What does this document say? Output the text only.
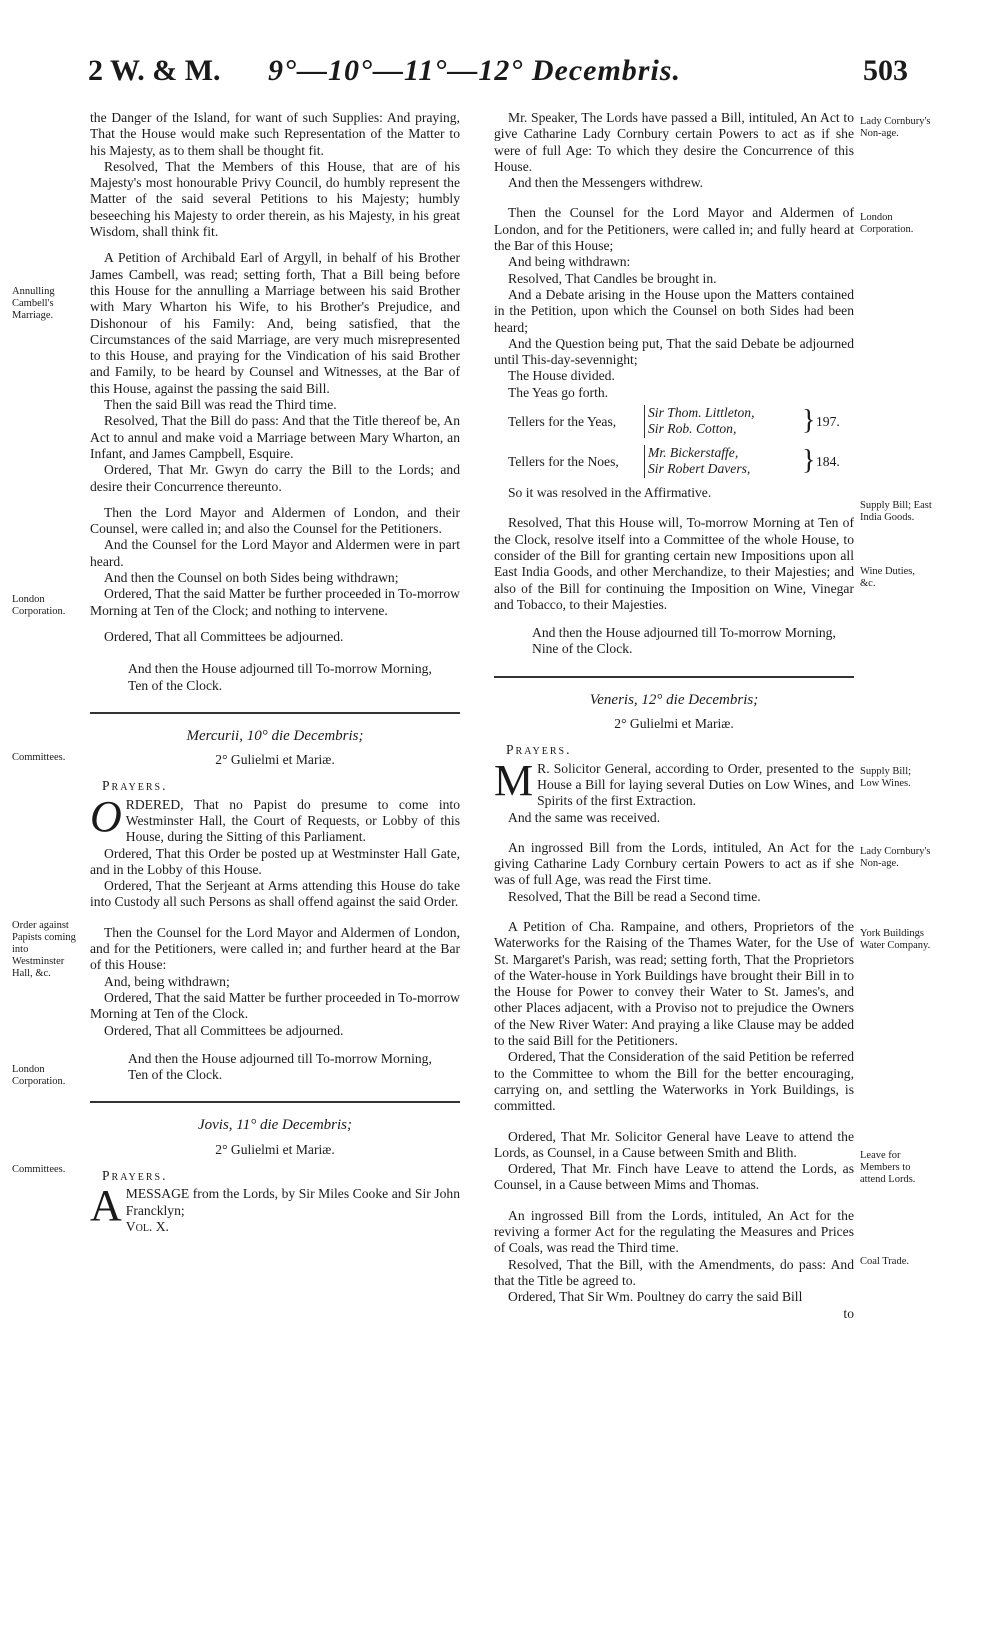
2 W. & M. 9°—10°—11°—12° Decembris.	503
Annulling Cambell's Marriage.
London Corporation.
Committees.
Order against Papists coming into Westminster Hall, &c.
London Corporation.
Committees.
Lady Cornbury's Non-age.
London Corporation.
Supply Bill; East India Goods.
Wine Duties, &c.
Supply Bill; Low Wines.
Lady Cornbury's Non-age.
York Buildings Water Company.
Leave for Members to attend Lords.
Coal Trade.

the Danger of the Island, for want of such Supplies: And praying, That the House would make such Representation of the Matter to his Majesty, as to them shall be thought fit.

Resolved, That the Members of this House, that are of his Majesty's most honourable Privy Council, do humbly represent the Matter of the said several Petitions to his Majesty; humbly beseeching his Majesty to order therein, as his Majesty, in his great Wisdom, shall think fit.

A Petition of Archibald Earl of Argyll, in behalf of his Brother James Cambell, was read; setting forth, That a Bill being before this House for the annulling a Marriage between his said Brother with Mary Wharton his Wife, to his Brother's Prejudice, and Dishonour of his Family: And, being satisfied, that the Circumstances of the said Marriage, are very much misrepresented to this House, and praying for the Vindication of his said Brother and Family, to be heard by Counsel and Witnesses, at the Bar of this House, against the passing the said Bill.

Then the said Bill was read the Third time.

Resolved, That the Bill do pass: And that the Title thereof be, An Act to annul and make void a Marriage between Mary Wharton, an Infant, and James Campbell, Esquire.

Ordered, That Mr. Gwyn do carry the Bill to the Lords; and desire their Concurrence thereunto.

Then the Lord Mayor and Aldermen of London, and their Counsel, were called in; and also the Counsel for the Petitioners.

And the Counsel for the Lord Mayor and Aldermen were in part heard.

And then the Counsel on both Sides being withdrawn;

Ordered, That the said Matter be further proceeded in To-morrow Morning at Ten of the Clock; and nothing to intervene.

Ordered, That all Committees be adjourned.

And then the House adjourned till To-morrow Morning, Ten of the Clock.

Mercurii, 10° die Decembris;
2° Gulielmi et Mariæ.
Prayers.

ORDERED, That no Papist do presume to come into Westminster Hall, the Court of Requests, or Lobby of this House, during the Sitting of this Parliament.

Ordered, That this Order be posted up at Westminster Hall Gate, and in the Lobby of this House.

Ordered, That the Serjeant at Arms attending this House do take into Custody all such Persons as shall offend against the said Order.

Then the Counsel for the Lord Mayor and Aldermen of London, and for the Petitioners, were called in; and further heard at the Bar of this House:

And, being withdrawn;

Ordered, That the said Matter be further proceeded in To-morrow Morning at Ten of the Clock.

Ordered, That all Committees be adjourned.

And then the House adjourned till To-morrow Morning, Ten of the Clock.

Jovis, 11° die Decembris;
2° Gulielmi et Mariæ.
Prayers.

AMESSAGE from the Lords, by Sir Miles Cooke and Sir John Francklyn;

Vol. X.

Mr. Speaker, The Lords have passed a Bill, intituled, An Act to give Catharine Lady Cornbury certain Powers to act as if she were of full Age: To which they desire the Concurrence of this House.

And then the Messengers withdrew.

Then the Counsel for the Lord Mayor and Aldermen of London, and for the Petitioners, were called in; and fully heard at the Bar of this House;

And being withdrawn:

Resolved, That Candles be brought in.

And a Debate arising in the House upon the Matters contained in the Petition, upon which the Counsel on both Sides had been heard;

And the Question being put, That the said Debate be adjourned until This-day-sevennight;

The House divided.

The Yeas go forth.

Tellers for the Yeas,
Sir Thom. Littleton,
Sir Rob. Cotton,	} 197.
Tellers for the Noes,
Mr. Bickerstaffe,
Sir Robert Davers, } 184.

So it was resolved in the Affirmative.

Resolved, That this House will, To-morrow Morning at Ten of the Clock, resolve itself into a Committee of the whole House, to consider of the Bill for granting certain new Impositions upon all East India Goods, and other Merchandize, to their Majesties; and also of the Bill for continuing the Imposition on Wine, Vinegar and Tobacco, to their Majesties.

And then the House adjourned till To-morrow Morning, Nine of the Clock.

Veneris, 12° die Decembris;
2° Gulielmi et Mariæ.
Prayers.

M R. Solicitor General, according to Order, presented to the House a Bill for laying several Duties on Low Wines, and Spirits of the first Extraction.

And the same was received.

An ingrossed Bill from the Lords, intituled, An Act for the giving Catharine Lady Cornbury certain Powers to act as if she was of full Age, was read the First time.

Resolved, That the Bill be read a Second time.

A Petition of Cha. Rampaine, and others, Proprietors of the Waterworks for the Raising of the Thames Water, for the Use of St. Margaret's Parish, was read; setting forth, That the Proprietors of the Water-house in York Buildings have brought their Bill in to the House for Power to convey their Water to St. James's, and other Places adjacent, with a Proviso not to prejudice the Owners of the New River Water: And praying a like Clause may be added to the said Bill for the Petitioners.

Ordered, That the Consideration of the said Petition be referred to the Committee to whom the Bill for the better encouraging, carrying on, and settling the Waterworks in York Buildings, is committed.

Ordered, That Mr. Solicitor General have Leave to attend the Lords, as Counsel, in a Cause between Smith and Blith.

Ordered, That Mr. Finch have Leave to attend the Lords, as Counsel, in a Cause between Mims and Thomas.

An ingrossed Bill from the Lords, intituled, An Act for the reviving a former Act for the regulating the Measures and Prices of Coals, was read the Third time.

Resolved, That the Bill, with the Amendments, do pass: And that the Title be agreed to.

Ordered, That Sir Wm. Poultney do carry the said Bill

to
